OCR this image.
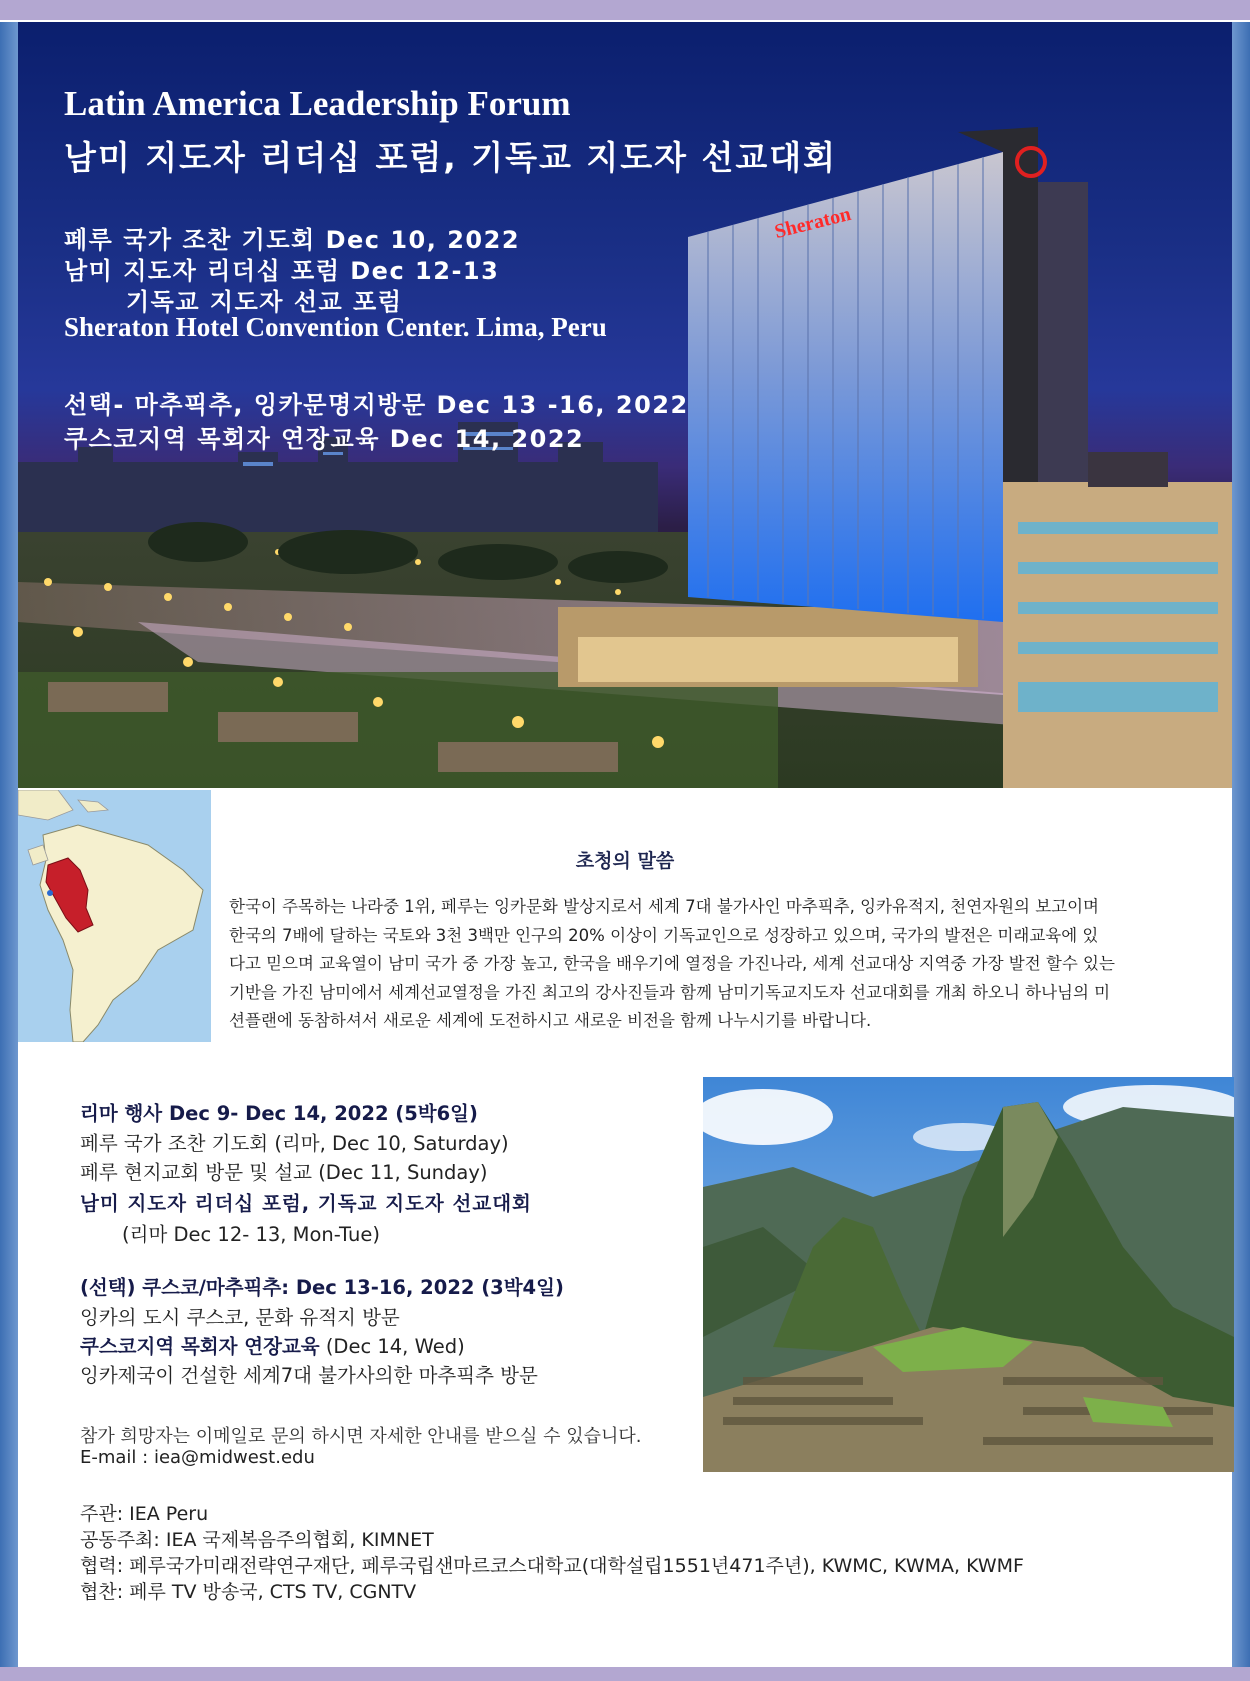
Latin America Leadership Forum
남미 지도자 리더십 포럼, 기독교 지도자 선교대회
페루 국가 조찬 기도회 Dec 10, 2022
남미 지도자 리더십 포럼 Dec 12-13
기독교 지도자 선교 포럼
Sheraton Hotel Convention Center. Lima, Peru
선택- 마추픽추, 잉카문명지방문 Dec 13 -16, 2022
쿠스코지역 목회자 연장교육 Dec 14, 2022
Sheraton
초청의 말씀
한국이 주목하는 나라중 1위, 페루는 잉카문화 발상지로서 세계 7대 불가사인 마추픽추, 잉카유적지, 천연자원의 보고이며
한국의 7배에 달하는 국토와 3천 3백만 인구의 20% 이상이 기독교인으로 성장하고 있으며, 국가의 발전은 미래교육에 있
다고 믿으며 교육열이 남미 국가 중 가장 높고, 한국을 배우기에 열정을 가진나라, 세계 선교대상 지역중 가장 발전 할수 있는
기반을 가진 남미에서 세계선교열정을 가진 최고의 강사진들과 함께 남미기독교지도자 선교대회를 개최 하오니 하나님의 미
션플랜에 동참하셔서 새로운 세계에 도전하시고 새로운 비전을 함께 나누시기를 바랍니다.
리마 행사 Dec 9- Dec 14, 2022 (5박6일)
페루 국가 조찬 기도회 (리마, Dec 10, Saturday)
페루 현지교회 방문 및 설교 (Dec 11, Sunday)
남미 지도자 리더십 포럼, 기독교 지도자 선교대회
(리마 Dec 12- 13, Mon-Tue)
(선택) 쿠스코/마추픽추: Dec 13-16, 2022 (3박4일)
잉카의 도시 쿠스코, 문화 유적지 방문
쿠스코지역 목회자 연장교육 (Dec 14, Wed)
잉카제국이 건설한 세계7대 불가사의한 마추픽추 방문
참가 희망자는 이메일로 문의 하시면 자세한 안내를 받으실 수 있습니다.
E-mail : iea@midwest.edu
주관: IEA Peru
공동주최: IEA 국제복음주의협회, KIMNET
협력: 페루국가미래전략연구재단, 페루국립샌마르코스대학교(대학설립1551년471주년), KWMC, KWMA, KWMF
협찬: 페루 TV 방송국, CTS TV, CGNTV
